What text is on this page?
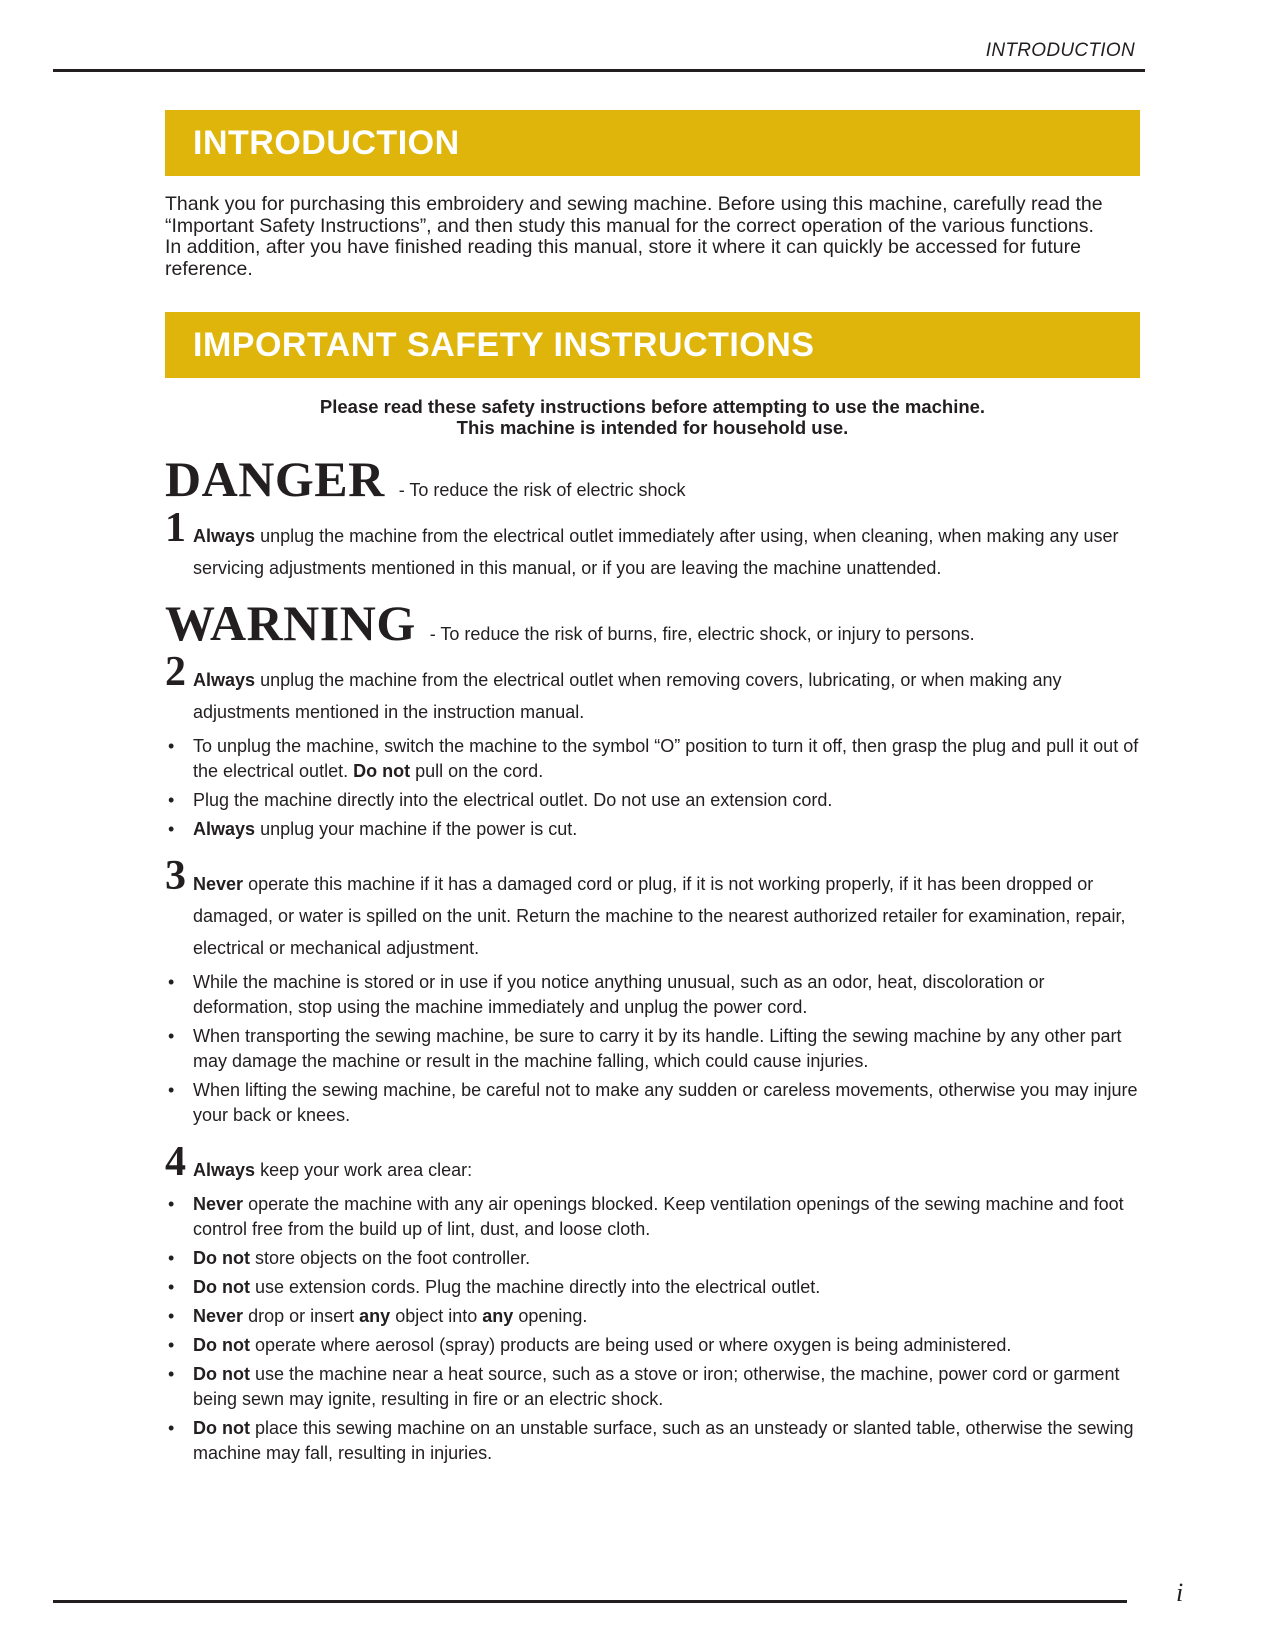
INTRODUCTION
INTRODUCTION

Thank you for purchasing this embroidery and sewing machine. Before using this machine, carefully read the “Important Safety Instructions”, and then study this manual for the correct operation of the various functions.

In addition, after you have finished reading this manual, store it where it can quickly be accessed for future reference.

IMPORTANT SAFETY INSTRUCTIONS

Please read these safety instructions before attempting to use the machine.

This machine is intended for household use.

DANGER - To reduce the risk of electric shock
1 Always unplug the machine from the electrical outlet immediately after using, when cleaning, when making any user servicing adjustments mentioned in this manual, or if you are leaving the machine unattended.
WARNING - To reduce the risk of burns, fire, electric shock, or injury to persons.
2 Always unplug the machine from the electrical outlet when removing covers, lubricating, or when making any adjustments mentioned in the instruction manual.
• To unplug the machine, switch the machine to the symbol “O” position to turn it off, then grasp the plug and pull it out of the electrical outlet. Do not pull on the cord.
• Plug the machine directly into the electrical outlet. Do not use an extension cord.
• Always unplug your machine if the power is cut.
3 Never operate this machine if it has a damaged cord or plug, if it is not working properly, if it has been dropped or damaged, or water is spilled on the unit. Return the machine to the nearest authorized retailer for examination, repair, electrical or mechanical adjustment.
• While the machine is stored or in use if you notice anything unusual, such as an odor, heat, discoloration or deformation, stop using the machine immediately and unplug the power cord.
• When transporting the sewing machine, be sure to carry it by its handle. Lifting the sewing machine by any other part may damage the machine or result in the machine falling, which could cause injuries.
• When lifting the sewing machine, be careful not to make any sudden or careless movements, otherwise you may injure your back or knees.
4 Always keep your work area clear:
• Never operate the machine with any air openings blocked. Keep ventilation openings of the sewing machine and foot control free from the build up of lint, dust, and loose cloth.
• Do not store objects on the foot controller.
• Do not use extension cords. Plug the machine directly into the electrical outlet.
• Never drop or insert any object into any opening.
• Do not operate where aerosol (spray) products are being used or where oxygen is being administered.
• Do not use the machine near a heat source, such as a stove or iron; otherwise, the machine, power cord or garment being sewn may ignite, resulting in fire or an electric shock.
• Do not place this sewing machine on an unstable surface, such as an unsteady or slanted table, otherwise the sewing machine may fall, resulting in injuries.
i
